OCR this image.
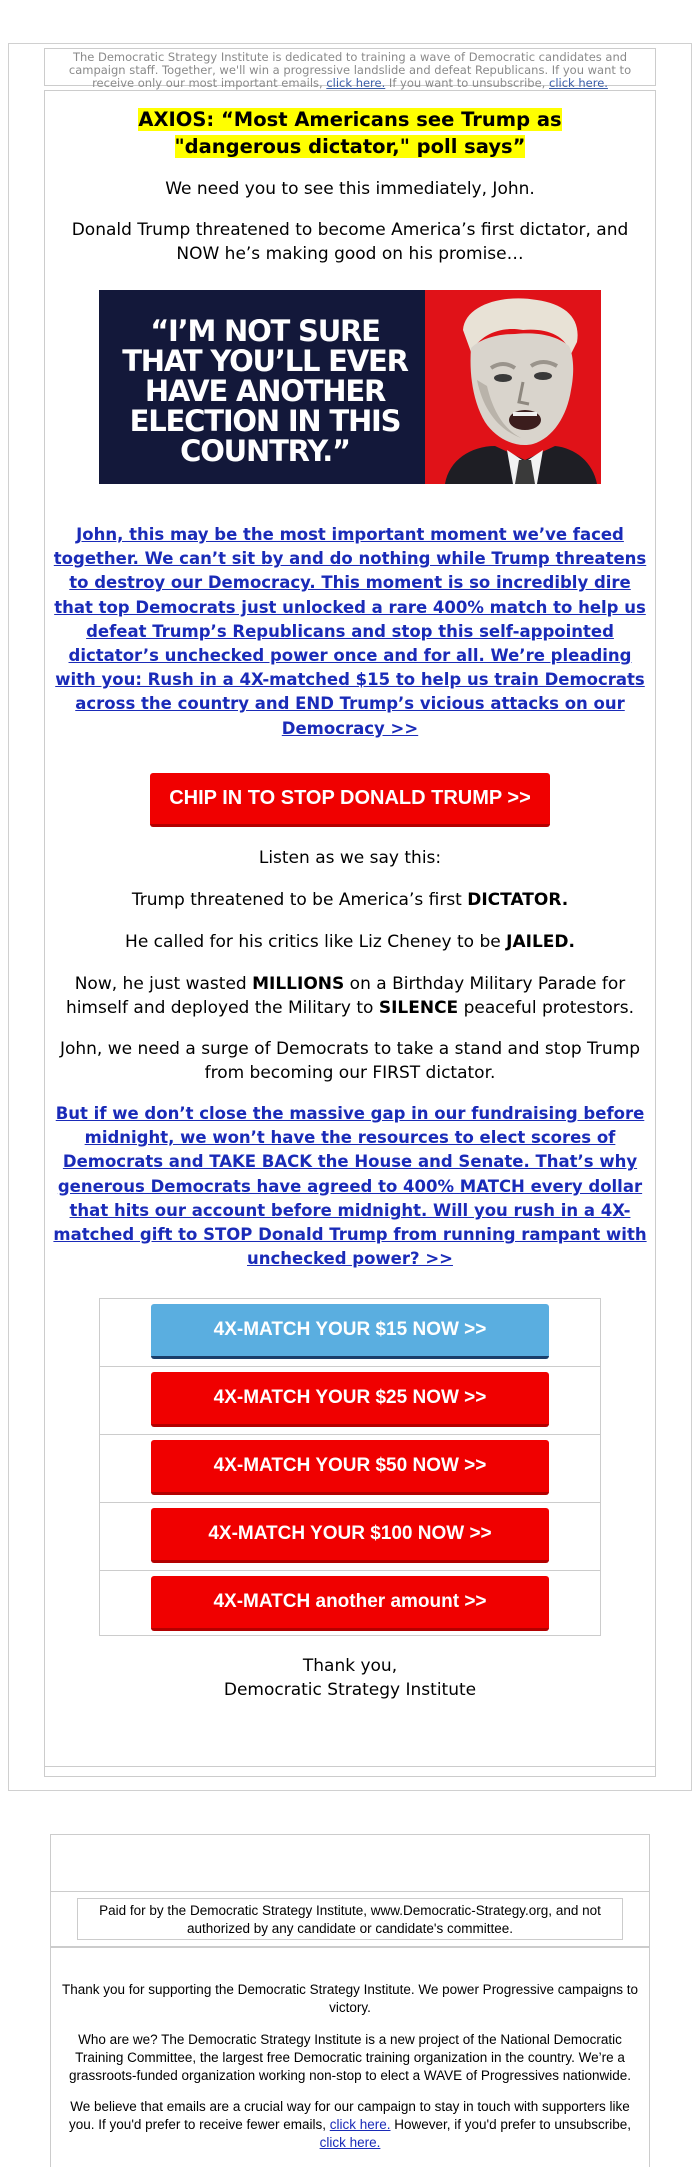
The Democratic Strategy Institute is dedicated to training a wave of Democratic candidates and campaign staff. Together, we'll win a progressive landslide and defeat Republicans. If you want to receive only our most important emails, click here. If you want to unsubscribe, click here.
AXIOS: “Most Americans see Trump as "dangerous dictator," poll says”
We need you to see this immediately, John.
Donald Trump threatened to become America’s first dictator, and NOW he’s making good on his promise…
“I’M NOT SURE THAT YOU’LL EVER HAVE ANOTHER ELECTION IN THIS COUNTRY.”
John, this may be the most important moment we’ve faced together. We can’t sit by and do nothing while Trump threatens to destroy our Democracy. This moment is so incredibly dire that top Democrats just unlocked a rare 400% match to help us defeat Trump’s Republicans and stop this self-appointed dictator’s unchecked power once and for all. We’re pleading with you: Rush in a 4X-matched $15 to help us train Democrats across the country and END Trump’s vicious attacks on our Democracy >>
CHIP IN TO STOP DONALD TRUMP >>
Listen as we say this:
Trump threatened to be America’s first DICTATOR.
He called for his critics like Liz Cheney to be JAILED.
Now, he just wasted MILLIONS on a Birthday Military Parade for himself and deployed the Military to SILENCE peaceful protestors.
John, we need a surge of Democrats to take a stand and stop Trump from becoming our FIRST dictator.
But if we don’t close the massive gap in our fundraising before midnight, we won’t have the resources to elect scores of Democrats and TAKE BACK the House and Senate. That’s why generous Democrats have agreed to 400% MATCH every dollar that hits our account before midnight. Will you rush in a 4X-matched gift to STOP Donald Trump from running rampant with unchecked power? >>
4X-MATCH YOUR $15 NOW >>
4X-MATCH YOUR $25 NOW >>
4X-MATCH YOUR $50 NOW >>
4X-MATCH YOUR $100 NOW >>
4X-MATCH another amount >>
Thank you,
Democratic Strategy Institute
Paid for by the Democratic Strategy Institute, www.Democratic-Strategy.org, and not authorized by any candidate or candidate's committee.
Thank you for supporting the Democratic Strategy Institute. We power Progressive campaigns to victory.
Who are we? The Democratic Strategy Institute is a new project of the National Democratic Training Committee, the largest free Democratic training organization in the country. We’re a grassroots-funded organization working non-stop to elect a WAVE of Progressives nationwide.
We believe that emails are a crucial way for our campaign to stay in touch with supporters like you. If you'd prefer to receive fewer emails, click here. However, if you'd prefer to unsubscribe, click here.
